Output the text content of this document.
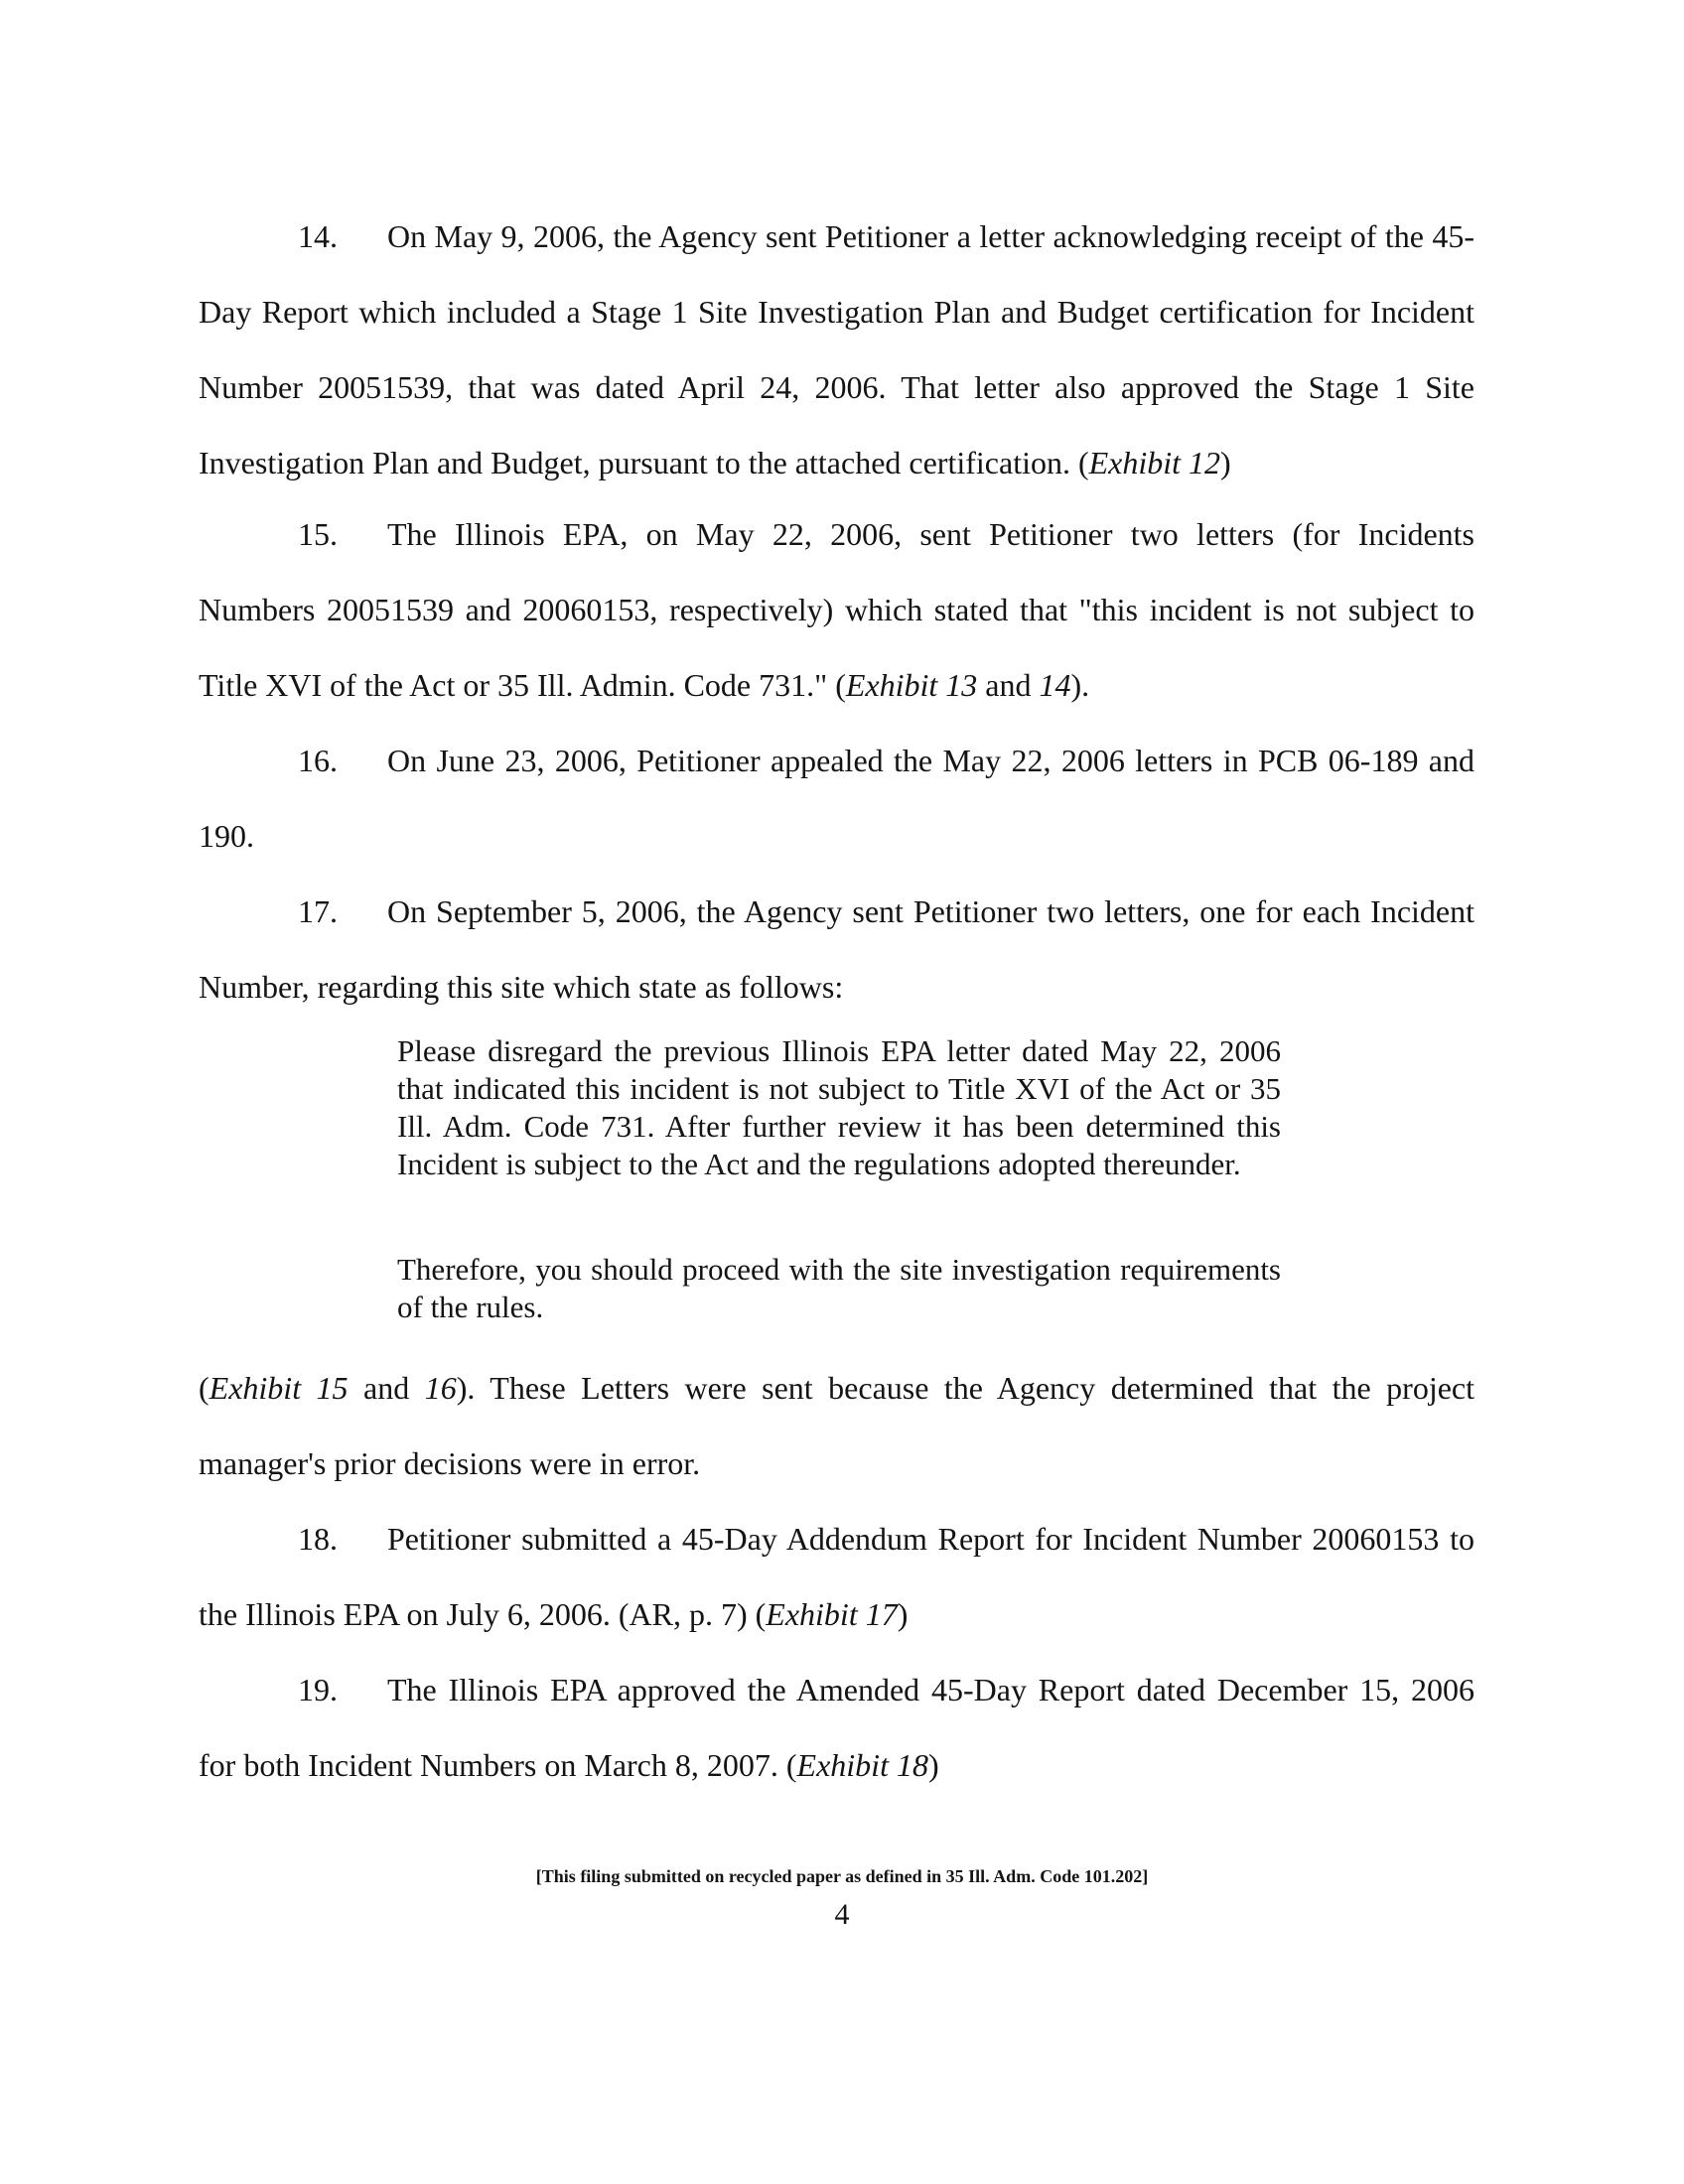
14. On May 9, 2006, the Agency sent Petitioner a letter acknowledging receipt of the 45-Day Report which included a Stage 1 Site Investigation Plan and Budget certification for Incident Number 20051539, that was dated April 24, 2006. That letter also approved the Stage 1 Site Investigation Plan and Budget, pursuant to the attached certification. (Exhibit 12)

15. The Illinois EPA, on May 22, 2006, sent Petitioner two letters (for Incidents Numbers 20051539 and 20060153, respectively) which stated that "this incident is not subject to Title XVI of the Act or 35 Ill. Admin. Code 731." (Exhibit 13 and 14).

16. On June 23, 2006, Petitioner appealed the May 22, 2006 letters in PCB 06-189 and 190.

17. On September 5, 2006, the Agency sent Petitioner two letters, one for each Incident Number, regarding this site which state as follows:

Please disregard the previous Illinois EPA letter dated May 22, 2006 that indicated this incident is not subject to Title XVI of the Act or 35 Ill. Adm. Code 731. After further review it has been determined this Incident is subject to the Act and the regulations adopted thereunder.

Therefore, you should proceed with the site investigation requirements of the rules.

(Exhibit 15 and 16). These Letters were sent because the Agency determined that the project manager's prior decisions were in error.

18. Petitioner submitted a 45-Day Addendum Report for Incident Number 20060153 to the Illinois EPA on July 6, 2006. (AR, p. 7) (Exhibit 17)

19. The Illinois EPA approved the Amended 45-Day Report dated December 15, 2006 for both Incident Numbers on March 8, 2007. (Exhibit 18)

[This filing submitted on recycled paper as defined in 35 Ill. Adm. Code 101.202]

4
